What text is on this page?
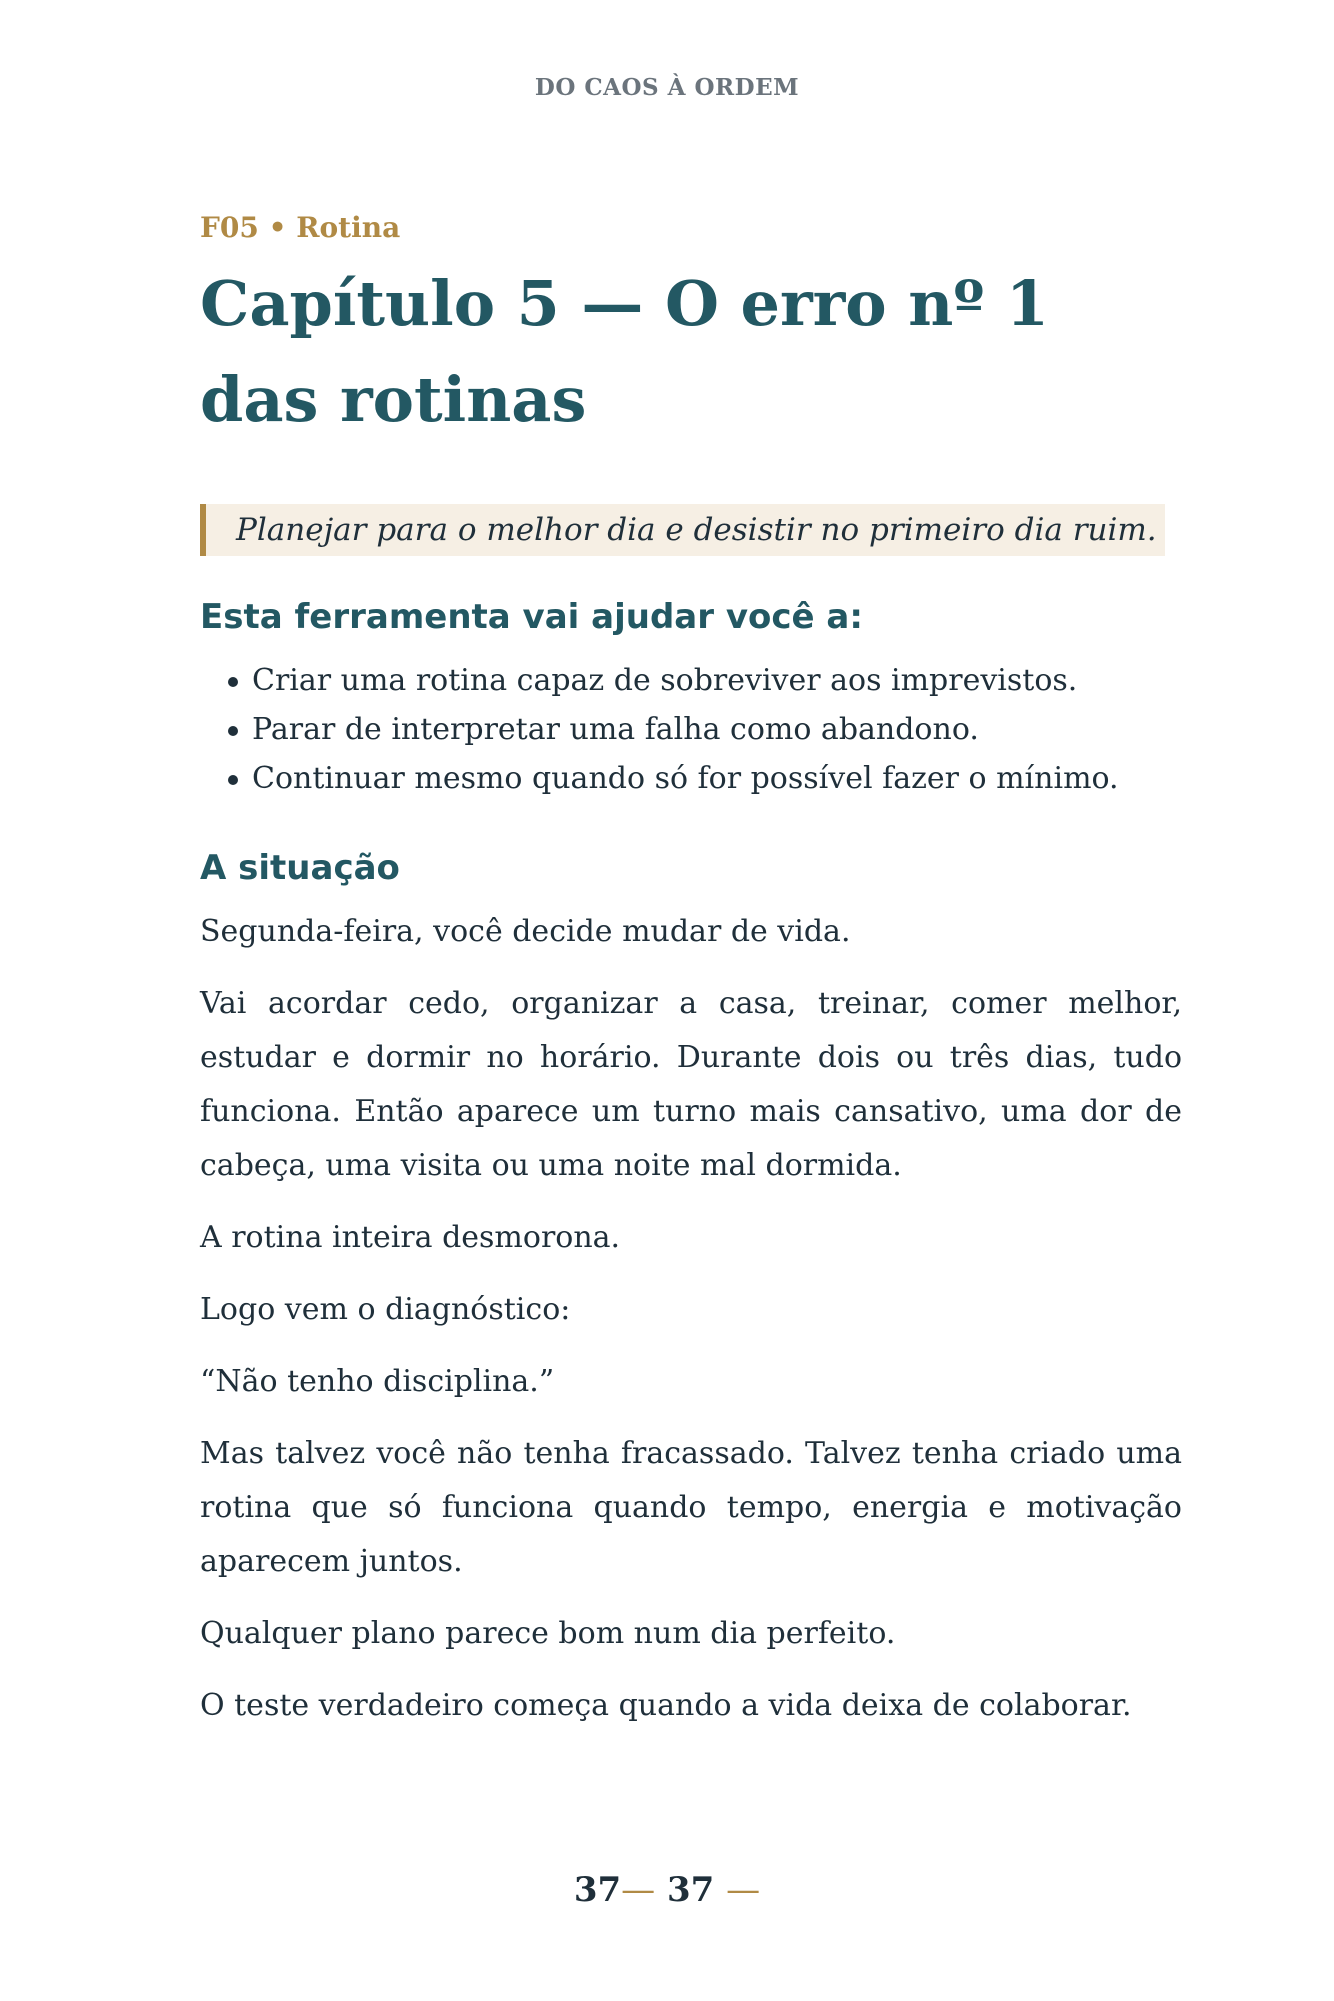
DO CAOS À ORDEM

F05 • Rotina

Capítulo 5 — O erro nº 1 das rotinas
Planejar para o melhor dia e desistir no primeiro dia ruim.
Esta ferramenta vai ajudar você a:
Criar uma rotina capaz de sobreviver aos imprevistos.
Parar de interpretar uma falha como abandono.
Continuar mesmo quando só for possível fazer o mínimo.
A situação

Segunda-feira, você decide mudar de vida.

Vai acordar cedo, organizar a casa, treinar, comer melhor, estudar e dormir no horário. Durante dois ou três dias, tudo funciona. Então aparece um turno mais cansativo, uma dor de cabeça, uma visita ou uma noite mal dormida.

A rotina inteira desmorona.

Logo vem o diagnóstico:

“Não tenho disciplina.”

Mas talvez você não tenha fracassado. Talvez tenha criado uma rotina que só funciona quando tempo, energia e motivação aparecem juntos.

Qualquer plano parece bom num dia perfeito.

O teste verdadeiro começa quando a vida deixa de colaborar.

37— 37 —
